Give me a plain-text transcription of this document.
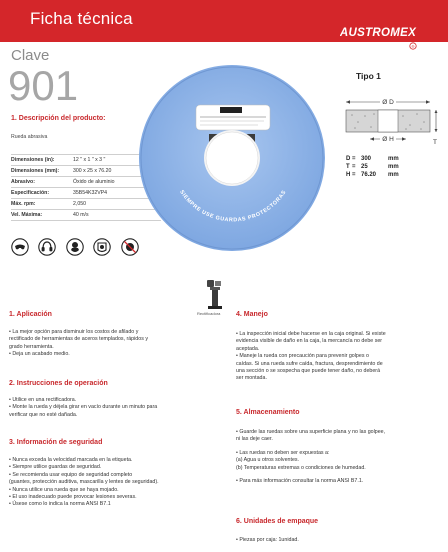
Ficha técnica
AUSTROMEX
®
Clave
901
1. Descripción del producto:
Rueda abrasiva
Dimensiones (in):	12 " x 1 " x 3 "
Dimensiones (mm):	300 x 25 x 76.20
Abrasivo:	Óxido de aluminio
Especificación:	35B54K32VP4
Máx. rpm:	2,050
Vel. Máxima:	40 m/s

SIEMPRE USE GUARDAS PROTECTORAS
Tipo 1
Ø D
T
Ø H
D = 300	mm
T = 25	mm
H = 76.20 mm
Rectificadora
1. Aplicación

• La mejor opción para disminuir los costos de afilado y

rectificado de herramientas de aceros templados, rápidos y

grado herramienta.

• Deja un acabado medio.

2. Instrucciones de operación

• Utilice en una rectificadora.

• Monte la rueda y déjela girar en vacío durante un minuto para

verificar que no esté dañada.

3. Información de seguridad

• Nunca exceda la velocidad marcada en la etiqueta.

• Siempre utilice guardas de seguridad.

• Se recomienda usar equipo de seguridad completo

(guantes, protección auditiva, mascarilla y lentes de seguridad).

• Nunca utilice una rueda que se haya mojado.

• El uso inadecuado puede provocar lesiones severas.

• Úsese como lo indica la norma ANSI B7.1

4. Manejo

• La inspección inicial debe hacerse en la caja original. Si existe

evidencia visible de daño en la caja, la mercancía no debe ser

aceptada.

• Maneje la rueda con precaución para prevenir golpes o

caídas. Si una rueda sufre caída, fractura, desprendimiento de

una sección o se sospecha que puede tener daño, no deberá

ser montada.

5. Almacenamiento

• Guarde las ruedas sobre una superficie plana y no las golpee,

ni las deje caer.

• Las ruedas no deben ser expuestas a:

(a) Agua u otros solventes.

(b) Temperaturas extremas o condiciones de humedad.

• Para más información consultar la norma ANSI B7.1.

6. Unidades de empaque

• Piezas por caja: 1unidad.
